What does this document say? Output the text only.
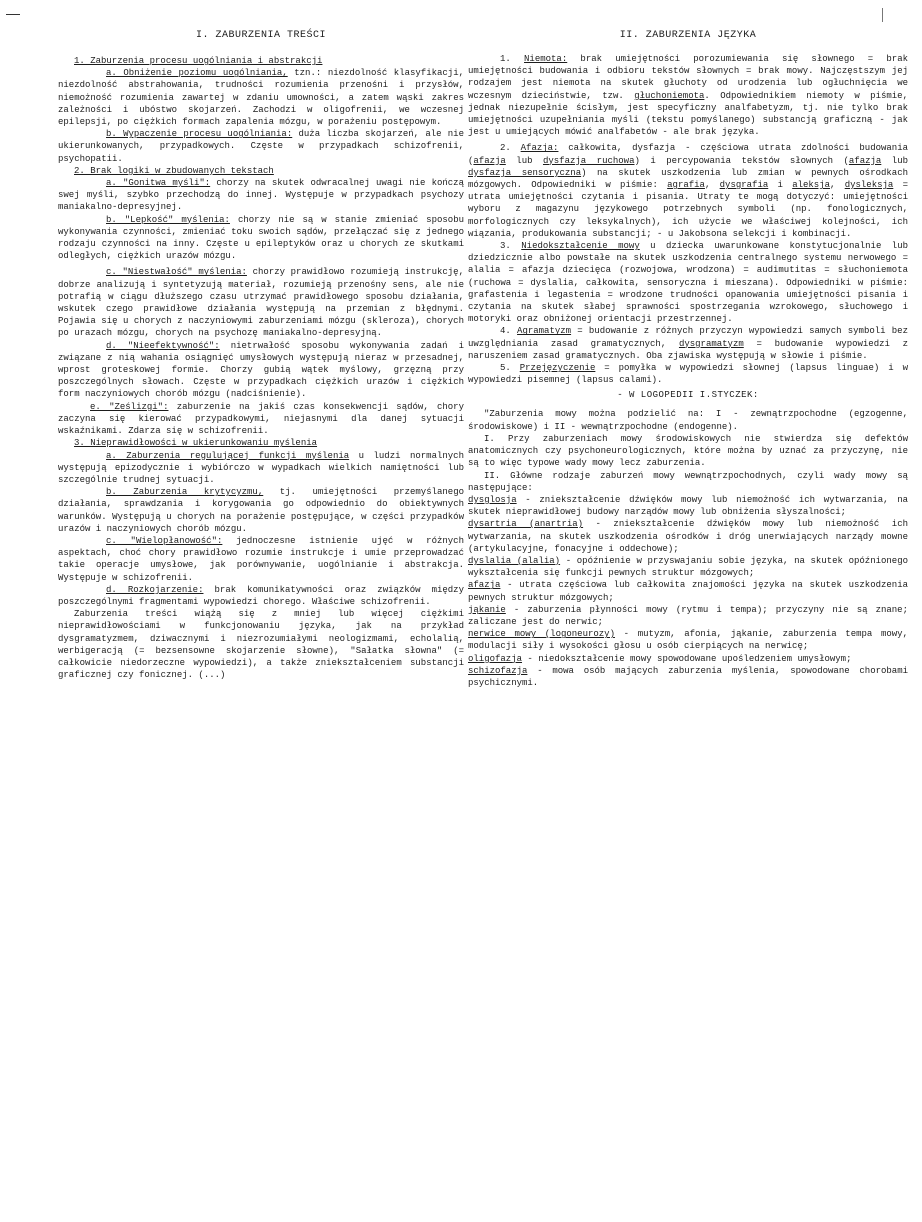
I. ZABURZENIA TREŚCI

1. Zaburzenia procesu uogólniania i abstrakcji

a. Obniżenie poziomu uogólniania, tzn.: niezdolność klasyfikacji, niezdolność abstrahowania, trudności rozumienia przenośni i przysłów, niemożność rozumienia zawartej w zdaniu umowności, a zatem wąski zakres zależności i ubóstwo skojarzeń. Zachodzi w oligofrenii, we wczesnej epilepsji, po ciężkich formach zapalenia mózgu, w porażeniu postępowym.

b. Wypaczenie procesu uogólniania: duża liczba skojarzeń, ale nie ukierunkowanych, przypadkowych. Częste w przypadkach schizofrenii, psychopatii.

2. Brak logiki w zbudowanych tekstach

a. "Gonitwa myśli": chorzy na skutek odwracalnej uwagi nie kończą swej myśli, szybko przechodzą do innej. Występuje w przypadkach psychozy maniakalno-depresyjnej.

b. "Lepkość" myślenia: chorzy nie są w stanie zmieniać sposobu wykonywania czynności, zmieniać toku swoich sądów, przełączać się z jednego rodzaju czynności na inny. Częste u epileptyków oraz u chorych ze skutkami odległych, ciężkich urazów mózgu.

c. "Niestwałość" myślenia: chorzy prawidłowo rozumieją instrukcję, dobrze analizują i syntetyzują materiał, rozumieją przenośny sens, ale nie potrafią w ciągu dłuższego czasu utrzymać prawidłowego sposobu działania, wskutek czego prawidłowe działania występują na przemian z błędnymi. Pojawia się u chorych z naczyniowymi zaburzeniami mózgu (skleroza), chorych po urazach mózgu, chorych na psychozę maniakalno-depresyjną.

d. "Nieefektywność": nietrwałość sposobu wykonywania zadań i związane z nią wahania osiągnięć umysłowych występują nieraz w przesadnej, wprost groteskowej formie. Chorzy gubią wątek myślowy, grzęzną przy poszczególnych słowach. Częste w przypadkach ciężkich urazów i ciężkich form naczyniowych chorób mózgu (nadciśnienie).

e. "Ześlizgi": zaburzenie na jakiś czas konsekwencji sądów, chory zaczyna się kierować przypadkowymi, niejasnymi dla danej sytuacji wskaźnikami. Zdarza się w schizofrenii.

3. Nieprawidłowości w ukierunkowaniu myślenia

a. Zaburzenia regulującej funkcji myślenia u ludzi normalnych występują epizodycznie i wybiórczo w wypadkach wielkich namiętności lub szczególnie trudnej sytuacji.

b. Zaburzenia krytycyzmu, tj. umiejętności przemyślanego działania, sprawdzania i korygowania go odpowiednio do obiektywnych warunków. Występują u chorych na porażenie postępujące, w części przypadków urazów i naczyniowych chorób mózgu.

c. "Wielopłanowość": jednoczesne istnienie ujęć w różnych aspektach, choć chory prawidłowo rozumie instrukcje i umie przeprowadzać takie operacje umysłowe, jak porównywanie, uogólnianie i abstrakcja. Występuje w schizofrenii.

d. Rozkojarzenie: brak komunikatywności oraz związków między poszczególnymi fragmentami wypowiedzi chorego. Właściwe schizofrenii.

Zaburzenia treści wiążą się z mniej lub więcej ciężkimi nieprawidłowościami w funkcjonowaniu języka, jak na przykład dysgramatyzmem, dziwacznymi i niezrozumiałymi neologizmami, echolalią, werbigeracją (= bezsensowne skojarzenie słowne), "Sałatka słowna" (= całkowicie niedorzeczne wypowiedzi), a także zniekształceniem substancji graficznej czy fonicznej. (...)

II. ZABURZENIA JĘZYKA

1. Niemota: brak umiejętności porozumiewania się słownego = brak umiejętności budowania i odbioru tekstów słownych = brak mowy. Najczęstszym jej rodzajem jest niemota na skutek głuchoty od urodzenia lub ogłuchnięcia we wczesnym dzieciństwie, tzw. głuchoniemota. Odpowiednikiem niemoty w piśmie, jednak niezupełnie ścisłym, jest specyficzny analfabetyzm, tj. nie tylko brak umiejętności uzupełniania myśli (tekstu pomyślanego) substancją graficzną - jak jest u umiejących mówić analfabetów - ale brak języka.

2. Afazja: całkowita, dysfazja - częściowa utrata zdolności budowania (afazja lub dysfazja ruchowa) i percypowania tekstów słownych (afazja lub dysfazja sensoryczna) na skutek uszkodzenia lub zmian w pewnych ośrodkach mózgowych. Odpowiedniki w piśmie: agrafia, dysgrafia i aleksja, dysleksja = utrata umiejętności czytania i pisania. Utraty te mogą dotyczyć: umiejętności wyboru z magazynu językowego potrzebnych symboli (np. fonologicznych, morfologicznych czy leksykalnych), ich użycie we właściwej kolejności, ich wiązania, produkowania substancji; - u Jakobsona selekcji i kombinacji.

3. Niedokształcenie mowy u dziecka uwarunkowane konstytucjonalnie lub dziedzicznie albo powstałe na skutek uszkodzenia centralnego systemu nerwowego = alalia = afazja dziecięca (rozwojowa, wrodzona) = audimutitas = słuchoniemota (ruchowa = dyslalia, całkowita, sensoryczna i mieszana). Odpowiedniki w piśmie: grafastenia i legastenia = wrodzone trudności opanowania umiejętności pisania i czytania na skutek słabej sprawności spostrzegania wzrokowego, słuchowego i motoryki oraz obniżonej orientacji przestrzennej.

4. Agramatyzm = budowanie z różnych przyczyn wypowiedzi samych symboli bez uwzględniania zasad gramatycznych, dysgramatyzm = budowanie wypowiedzi z naruszeniem zasad gramatycznych. Oba zjawiska występują w słowie i piśmie.

5. Przejęzyczenie = pomyłka w wypowiedzi słownej (lapsus linguae) i w wypowiedzi pisemnej (lapsus calami).

- W LOGOPEDII I.STYCZEK:

"Zaburzenia mowy można podzielić na: I - zewnątrzpochodne (egzogenne, środowiskowe) i II - wewnątrzpochodne (endogenne).

I. Przy zaburzeniach mowy środowiskowych nie stwierdza się defektów anatomicznych czy psychoneurologicznych, które można by uznać za przyczynę, nie są to więc typowe wady mowy lecz zaburzenia.

II. Główne rodzaje zaburzeń mowy wewnątrzpochodnych, czyli wady mowy są następujące:

dysglosja - zniekształcenie dźwięków mowy lub niemożność ich wytwarzania, na skutek nieprawidłowej budowy narządów mowy lub obniżenia słyszalności;

dysartria (anartria) - zniekształcenie dźwięków mowy lub niemożność ich wytwarzania, na skutek uszkodzenia ośrodków i dróg unerwiających narządy mowne (artykulacyjne, fonacyjne i oddechowe);

dyslalia (alalia) - opóźnienie w przyswajaniu sobie języka, na skutek opóźnionego wykształcenia się funkcji pewnych struktur mózgowych;

afazja - utrata częściowa lub całkowita znajomości języka na skutek uszkodzenia pewnych struktur mózgowych;

jąkanie - zaburzenia płynności mowy (rytmu i tempa); przyczyny nie są znane; zaliczane jest do nerwic;

nerwice mowy (logoneurozy) - mutyzm, afonia, jąkanie, zaburzenia tempa mowy, modulacji siły i wysokości głosu u osób cierpiących na nerwicę;

oligofazja - niedokształcenie mowy spowodowane upośledzeniem umysłowym;

schizofazja - mowa osób mających zaburzenia myślenia, spowodowane chorobami psychicznymi.
